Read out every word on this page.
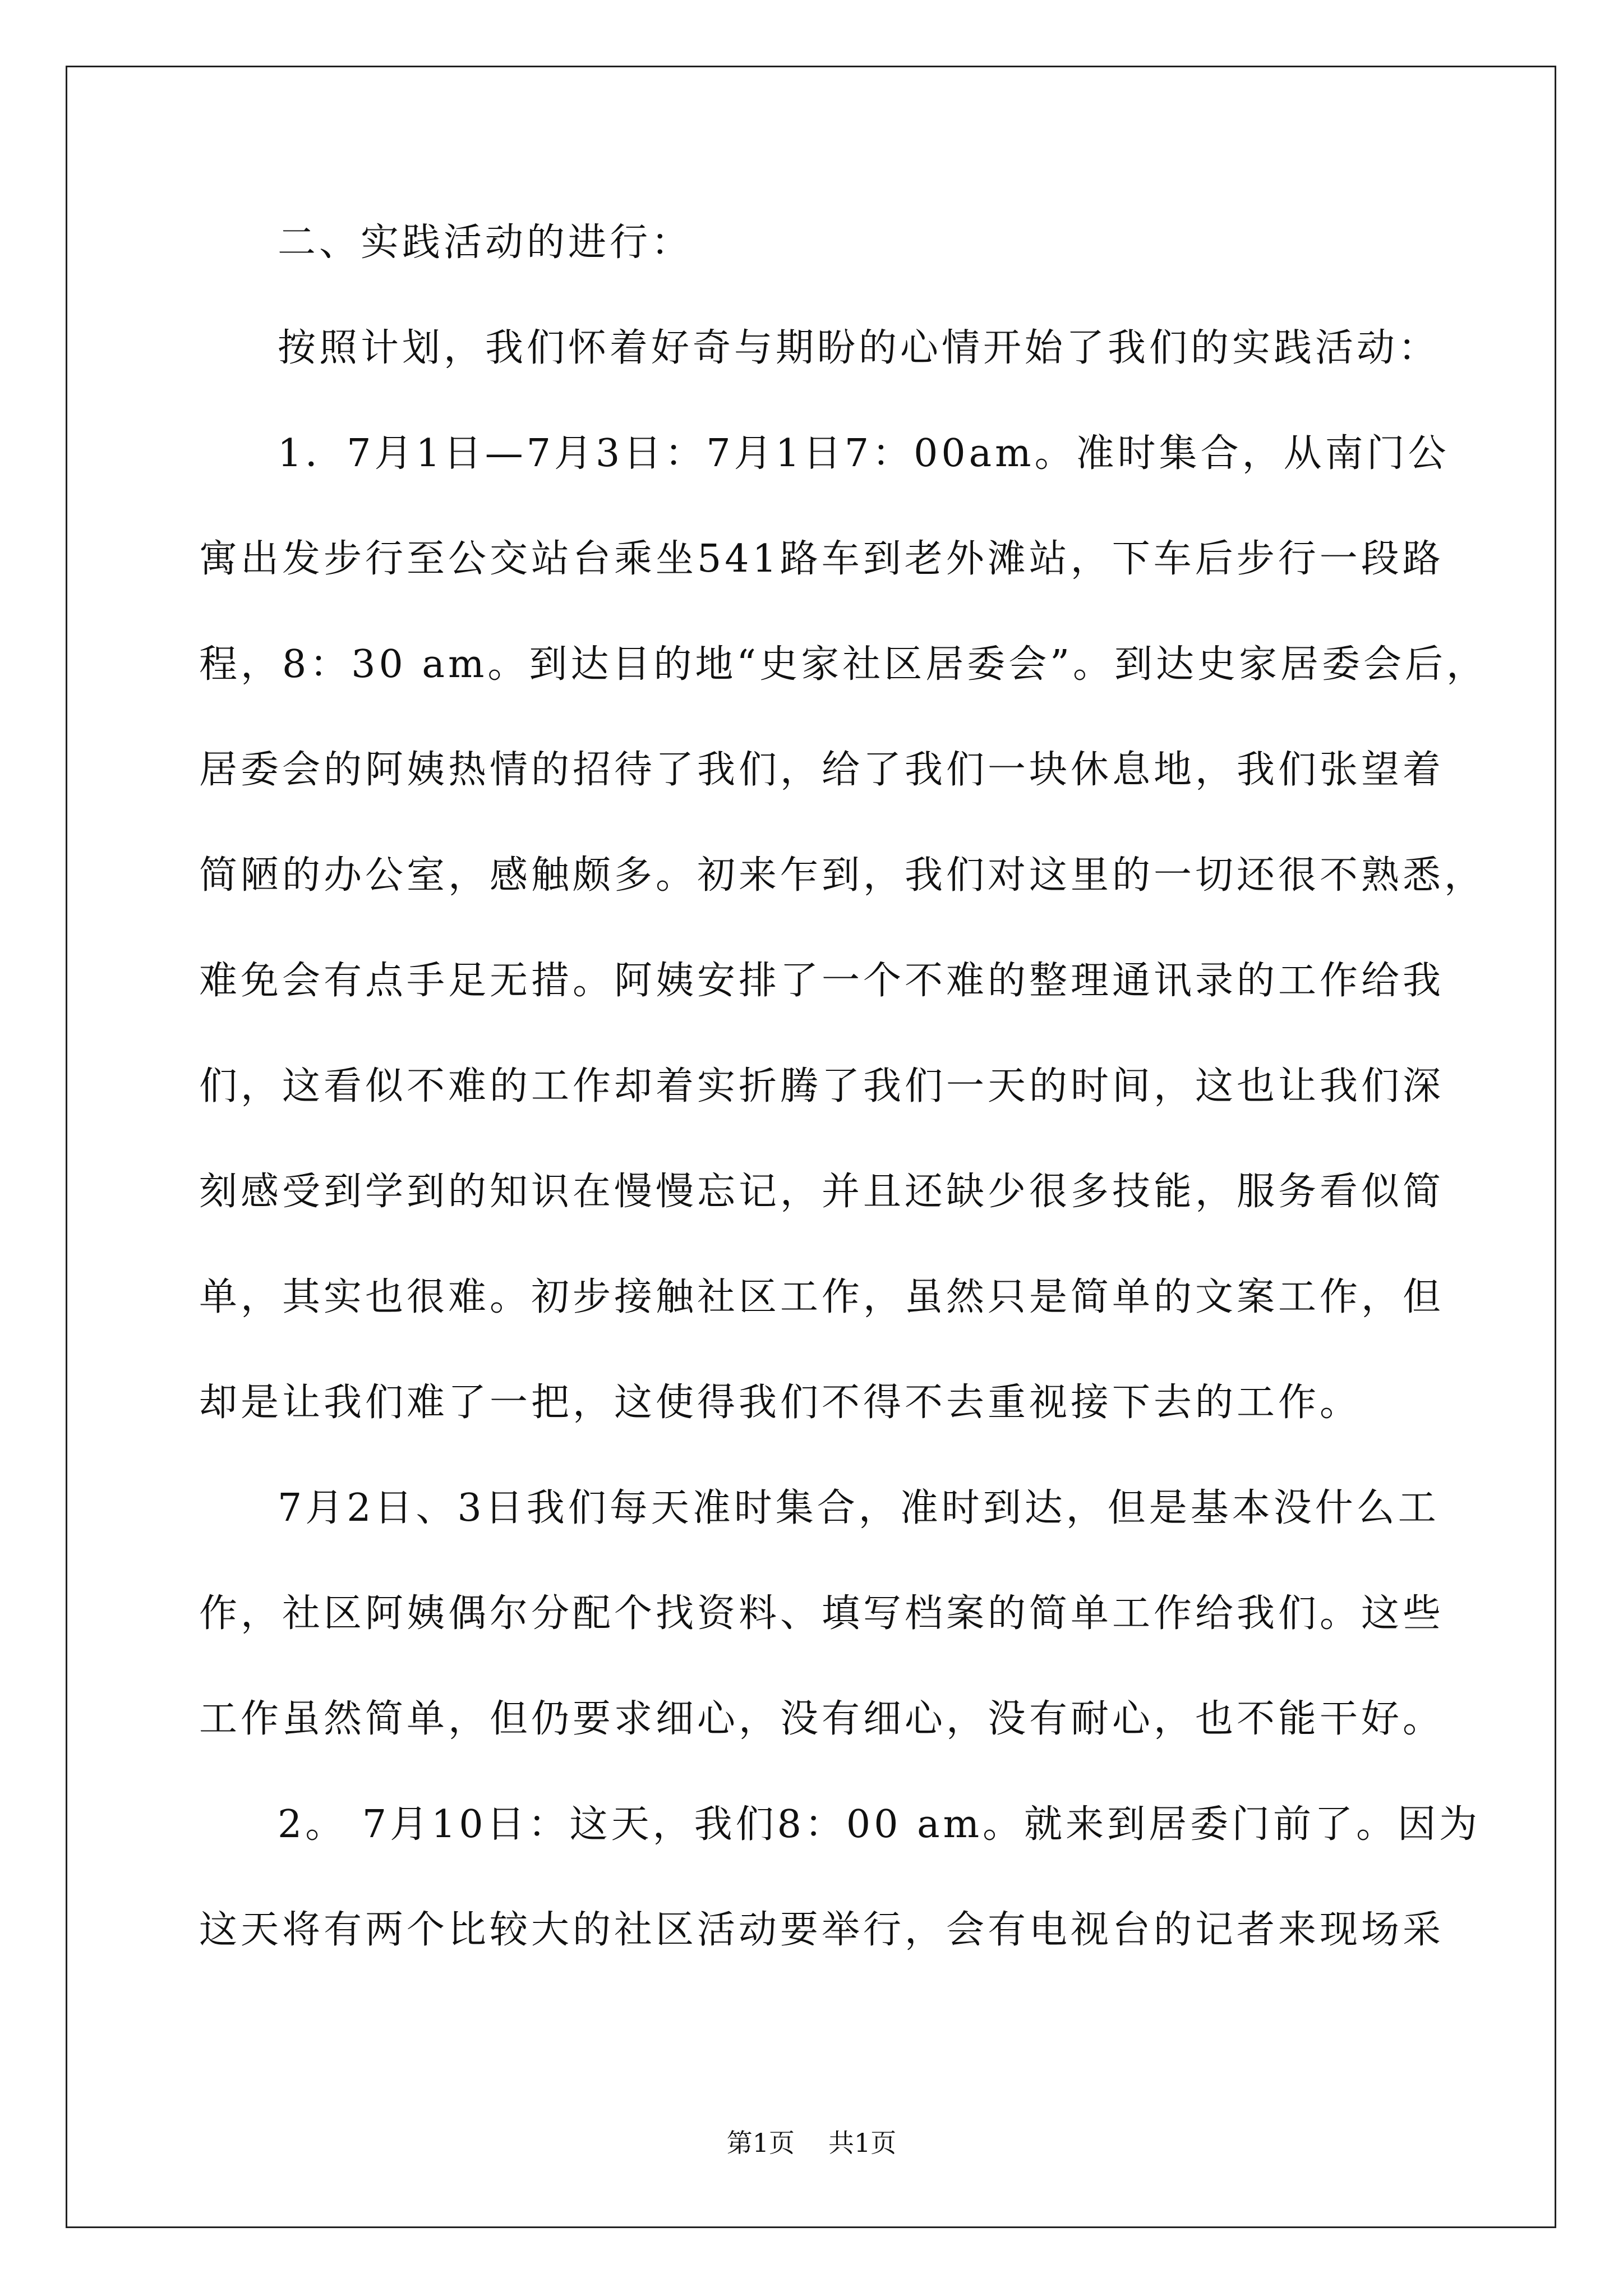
二、实践活动的进行：
按照计划，我们怀着好奇与期盼的心情开始了我们的实践活动：
1．7月1日—7月3日：7月1日7：00am。准时集合，从南门公
寓出发步行至公交站台乘坐541路车到老外滩站，下车后步行一段路
程，8：30 am。到达目的地“史家社区居委会”。到达史家居委会后，
居委会的阿姨热情的招待了我们，给了我们一块休息地，我们张望着
简陋的办公室，感触颇多。初来乍到，我们对这里的一切还很不熟悉，
难免会有点手足无措。阿姨安排了一个不难的整理通讯录的工作给我
们，这看似不难的工作却着实折腾了我们一天的时间，这也让我们深
刻感受到学到的知识在慢慢忘记，并且还缺少很多技能，服务看似简
单，其实也很难。初步接触社区工作，虽然只是简单的文案工作，但
却是让我们难了一把，这使得我们不得不去重视接下去的工作。
7月2日、3日我们每天准时集合，准时到达，但是基本没什么工
作，社区阿姨偶尔分配个找资料、填写档案的简单工作给我们。这些
工作虽然简单，但仍要求细心，没有细心，没有耐心，也不能干好。
2。 7月10日：这天，我们8：00 am。就来到居委门前了。因为
这天将有两个比较大的社区活动要举行，会有电视台的记者来现场采
第1页 共1页
